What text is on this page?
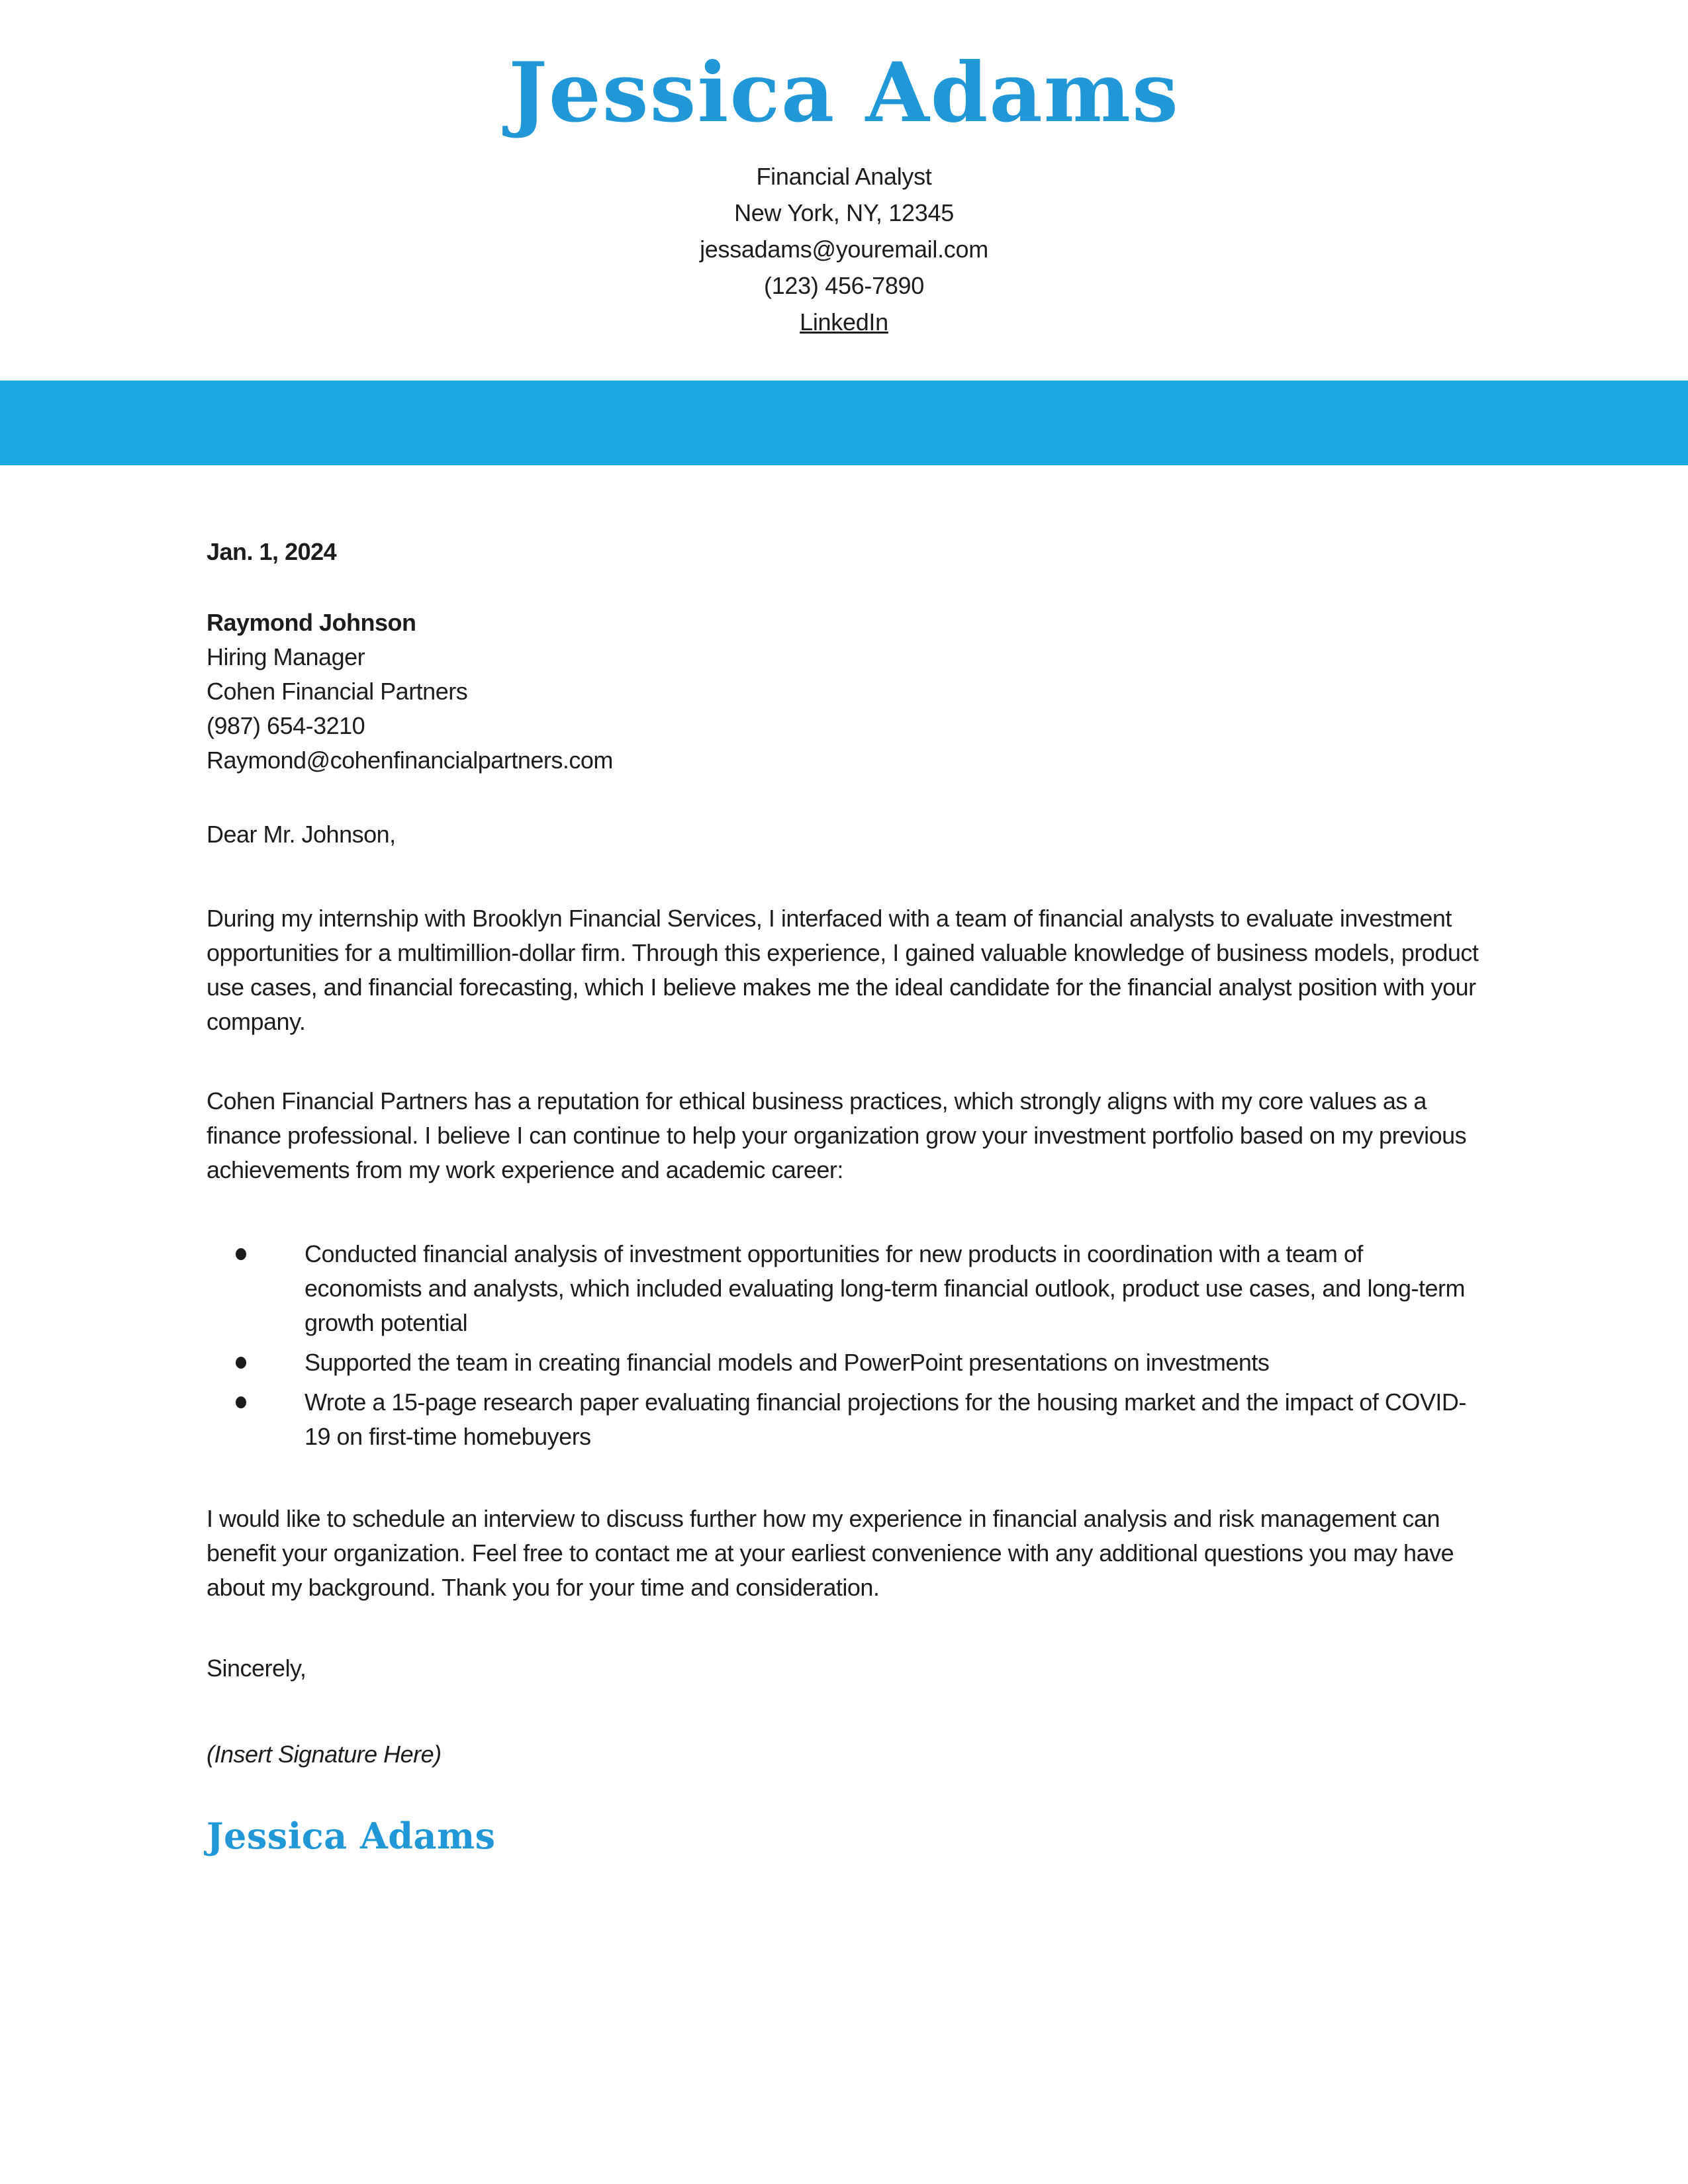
Jessica Adams
Financial Analyst
New York, NY, 12345
jessadams@youremail.com
(123) 456-7890
LinkedIn

Jan. 1, 2024

Raymond Johnson

Hiring Manager

Cohen Financial Partners

(987) 654-3210

Raymond@cohenfinancialpartners.com

Dear Mr. Johnson,

During my internship with Brooklyn Financial Services, I interfaced with a team of financial analysts to evaluate investment opportunities for a multimillion-dollar firm. Through this experience, I gained valuable knowledge of business models, product use cases, and financial forecasting, which I believe makes me the ideal candidate for the financial analyst position with your company.

Cohen Financial Partners has a reputation for ethical business practices, which strongly aligns with my core values as a finance professional. I believe I can continue to help your organization grow your investment portfolio based on my previous achievements from my work experience and academic career:

Conducted financial analysis of investment opportunities for new products in coordination with a team of economists and analysts, which included evaluating long-term financial outlook, product use cases, and long-term growth potential
Supported the team in creating financial models and PowerPoint presentations on investments
Wrote a 15-page research paper evaluating financial projections for the housing market and the impact of COVID-19 on first-time homebuyers

I would like to schedule an interview to discuss further how my experience in financial analysis and risk management can benefit your organization. Feel free to contact me at your earliest convenience with any additional questions you may have about my background. Thank you for your time and consideration.

Sincerely,

(Insert Signature Here)

Jessica Adams
